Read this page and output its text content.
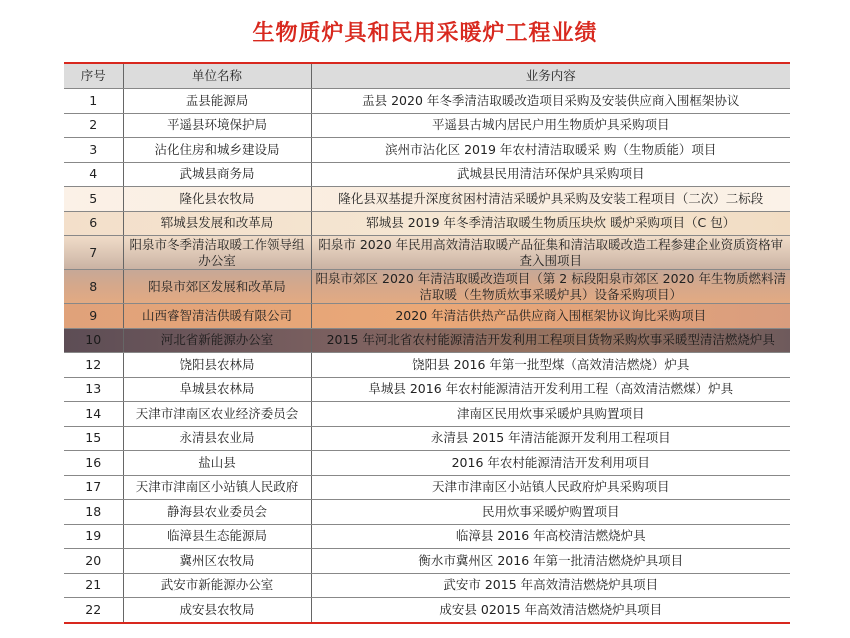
生物质炉具和民用采暖炉工程业绩
序号	单位名称	业务内容
1	盂县能源局	盂县 2020 年冬季清洁取暖改造项目采购及安装供应商入围框架协议
2	平遥县环境保护局	平遥县古城内居民户用生物质炉具采购项目
3	沾化住房和城乡建设局	滨州市沾化区 2019 年农村清洁取暖采 购（生物质能）项目
4	武城县商务局	武城县民用清洁环保炉具采购项目
5	隆化县农牧局	隆化县双基提升深度贫困村清洁采暖炉具采购及安装工程项目（二次）二标段
6	郓城县发展和改革局	郓城县 2019 年冬季清洁取暖生物质压块炊 暖炉采购项目（C 包）
7	阳泉市冬季清洁取暖工作领导组办公室	阳泉市 2020 年民用高效清洁取暖产品征集和清洁取暖改造工程参建企业资质资格审查入围项目
8	阳泉市郊区发展和改革局	阳泉市郊区 2020 年清洁取暖改造项目（第 2 标段阳泉市郊区 2020 年生物质燃料清洁取暖（生物质炊事采暖炉具）设备采购项目）
9	山西睿智清洁供暖有限公司	2020 年清洁供热产品供应商入围框架协议询比采购项目
10	河北省新能源办公室	2015 年河北省农村能源清洁开发利用工程项目货物采购炊事采暖型清洁燃烧炉具
12	饶阳县农林局	饶阳县 2016 年第一批型煤（高效清洁燃烧）炉具
13	阜城县农林局	阜城县 2016 年农村能源清洁开发利用工程（高效清洁燃煤）炉具
14	天津市津南区农业经济委员会	津南区民用炊事采暖炉具购置项目
15	永清县农业局	永清县 2015 年清洁能源开发利用工程项目
16	盐山县	2016 年农村能源清洁开发利用项目
17	天津市津南区小站镇人民政府	天津市津南区小站镇人民政府炉具采购项目
18	静海县农业委员会	民用炊事采暖炉购置项目
19	临漳县生态能源局	临漳县 2016 年高校清洁燃烧炉具
20	冀州区农牧局	衡水市冀州区 2016 年第一批清洁燃烧炉具项目
21	武安市新能源办公室	武安市 2015 年高效清洁燃烧炉具项目
22	成安县农牧局	成安县 02015 年高效清洁燃烧炉具项目
